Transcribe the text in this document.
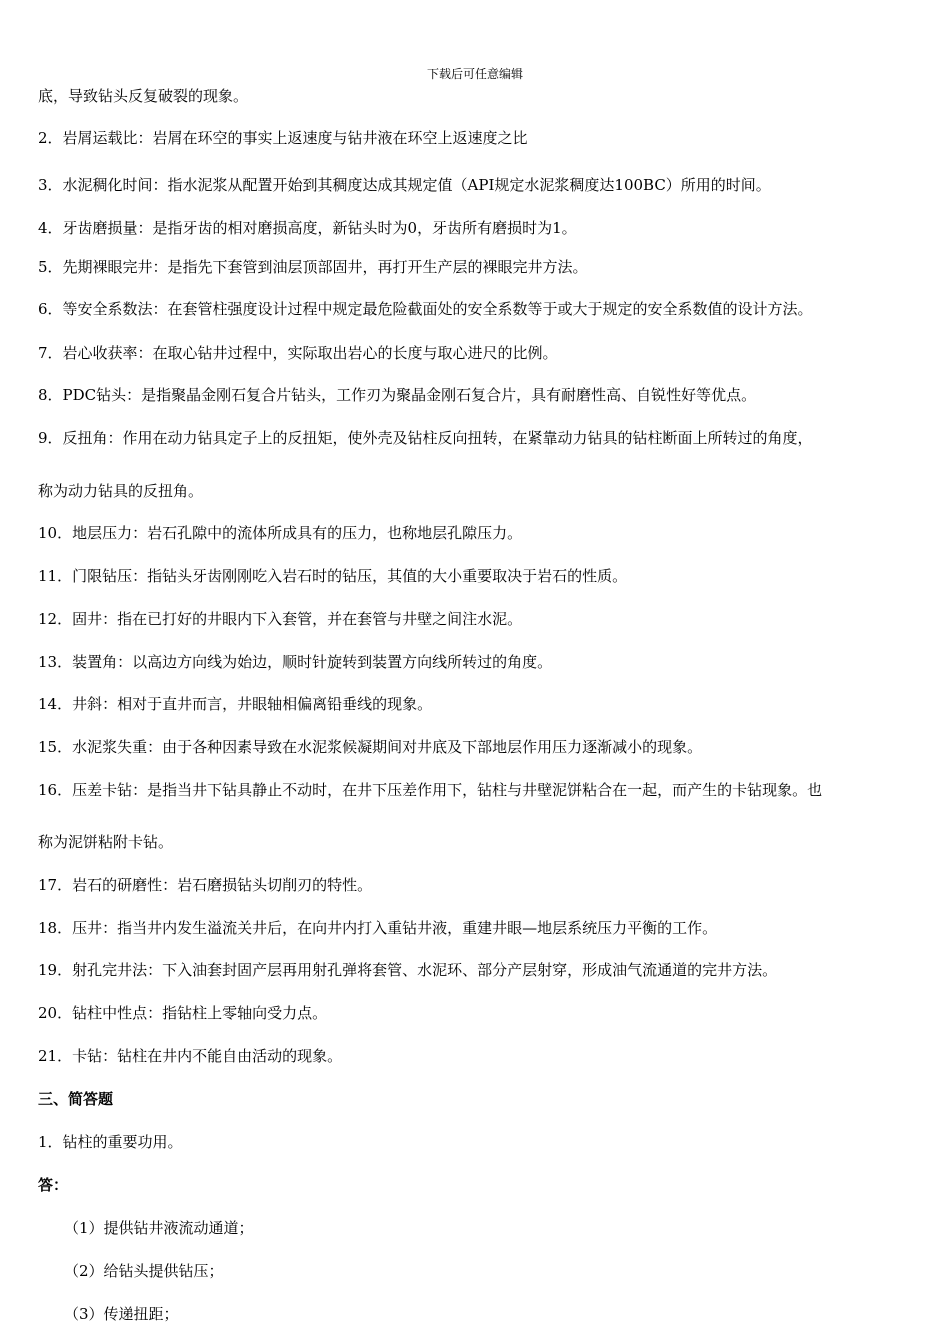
下载后可任意编辑
底，导致钻头反复破裂的现象。
2．岩屑运载比：岩屑在环空的事实上返速度与钻井液在环空上返速度之比
3．水泥稠化时间：指水泥浆从配置开始到其稠度达成其规定值（API规定水泥浆稠度达100BC）所用的时间。
4．牙齿磨损量：是指牙齿的相对磨损高度，新钻头时为0，牙齿所有磨损时为1。
5．先期裸眼完井：是指先下套管到油层顶部固井，再打开生产层的裸眼完井方法。
6．等安全系数法：在套管柱强度设计过程中规定最危险截面处的安全系数等于或大于规定的安全系数值的设计方法。
7．岩心收获率：在取心钻井过程中，实际取出岩心的长度与取心进尺的比例。
8．PDC钻头：是指聚晶金刚石复合片钻头，工作刃为聚晶金刚石复合片，具有耐磨性高、自锐性好等优点。
9．反扭角：作用在动力钻具定子上的反扭矩，使外壳及钻柱反向扭转，在紧靠动力钻具的钻柱断面上所转过的角度，
称为动力钻具的反扭角。
10．地层压力：岩石孔隙中的流体所成具有的压力，也称地层孔隙压力。
11．门限钻压：指钻头牙齿刚刚吃入岩石时的钻压，其值的大小重要取决于岩石的性质。
12．固井：指在已打好的井眼内下入套管，并在套管与井壁之间注水泥。
13．装置角：以高边方向线为始边，顺时针旋转到装置方向线所转过的角度。
14．井斜：相对于直井而言，井眼轴相偏离铅垂线的现象。
15．水泥浆失重：由于各种因素导致在水泥浆候凝期间对井底及下部地层作用压力逐渐减小的现象。
16．压差卡钻：是指当井下钻具静止不动时，在井下压差作用下，钻柱与井壁泥饼粘合在一起，而产生的卡钻现象。也
称为泥饼粘附卡钻。
17．岩石的研磨性：岩石磨损钻头切削刃的特性。
18．压井：指当井内发生溢流关井后，在向井内打入重钻井液，重建井眼—地层系统压力平衡的工作。
19．射孔完井法：下入油套封固产层再用射孔弹将套管、水泥环、部分产层射穿，形成油气流通道的完井方法。
20．钻柱中性点：指钻柱上零轴向受力点。
21．卡钻：钻柱在井内不能自由活动的现象。
三、简答题
1．钻柱的重要功用。
答：
（1）提供钻井液流动通道；
（2）给钻头提供钻压；
（3）传递扭距；
